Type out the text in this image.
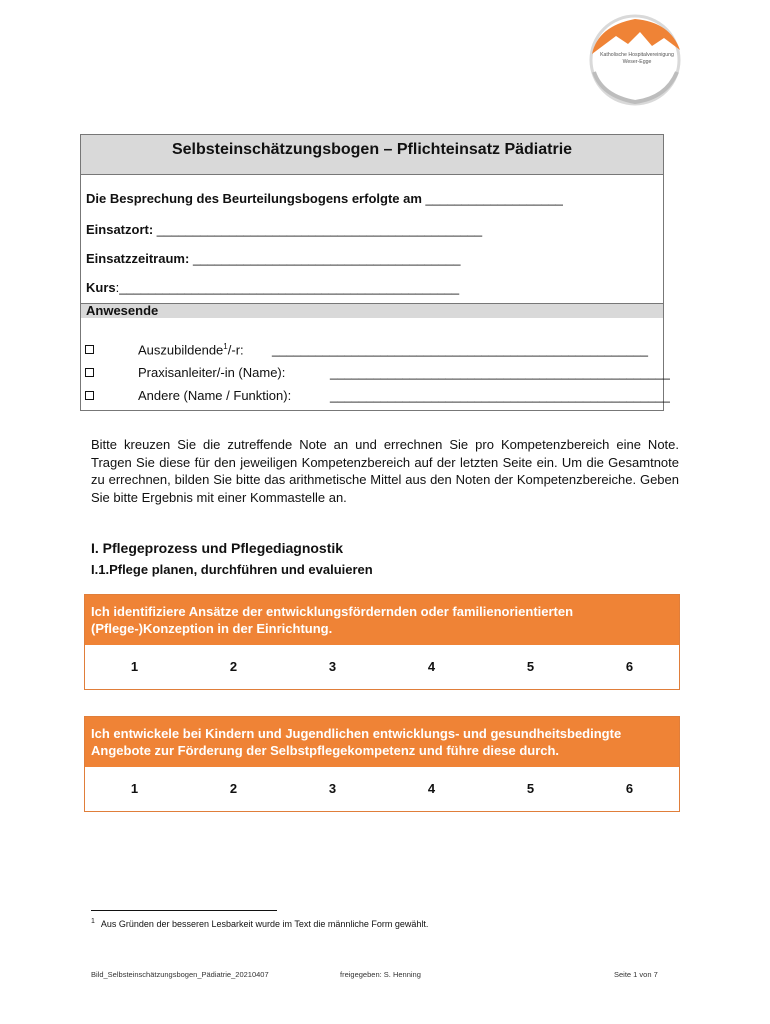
Katholische Hospitalvereinigung
Weser-Egge
Selbsteinschätzungsbogen – Pflichteinsatz Pädiatrie
Die Besprechung des Beurteilungsbogens erfolgte am ___________________
Einsatzort: _____________________________________________
Einsatzzeitraum: _____________________________________
Kurs:_______________________________________________
Anwesende
Auszubildende$^1$/-r: ____________________________________________________
Praxisanleiter/-in (Name):	_______________________________________________
Andere (Name / Funktion):	_______________________________________________
Bitte kreuzen Sie die zutreffende Note an und errechnen Sie pro Kompetenzbereich eine Note. Tragen Sie diese für den jeweiligen Kompetenzbereich auf der letzten Seite ein. Um die Gesamtnote zu errechnen, bilden Sie bitte das arithmetische Mittel aus den Noten der Kompetenzbereiche. Geben Sie bitte Ergebnis mit einer Kommastelle an.
I. Pflegeprozess und Pflegediagnostik
I.1.Pflege planen, durchführen und evaluieren
Ich identifiziere Ansätze der entwicklungsfördernden oder familienorientierten (Pflege-)Konzeption in der Einrichtung.
1	2	3	4	5	6
Ich entwickele bei Kindern und Jugendlichen entwicklungs- und gesundheitsbedingte Angebote zur Förderung der Selbstpflegekompetenz und führe diese durch.
1	2	3	4	5	6
$^1$ Aus Gründen der besseren Lesbarkeit wurde im Text die männliche Form gewählt.
Bild_Selbsteinschätzungsbogen_Pädiatrie_20210407	freigegeben: S. Henning	Seite 1 von 7
